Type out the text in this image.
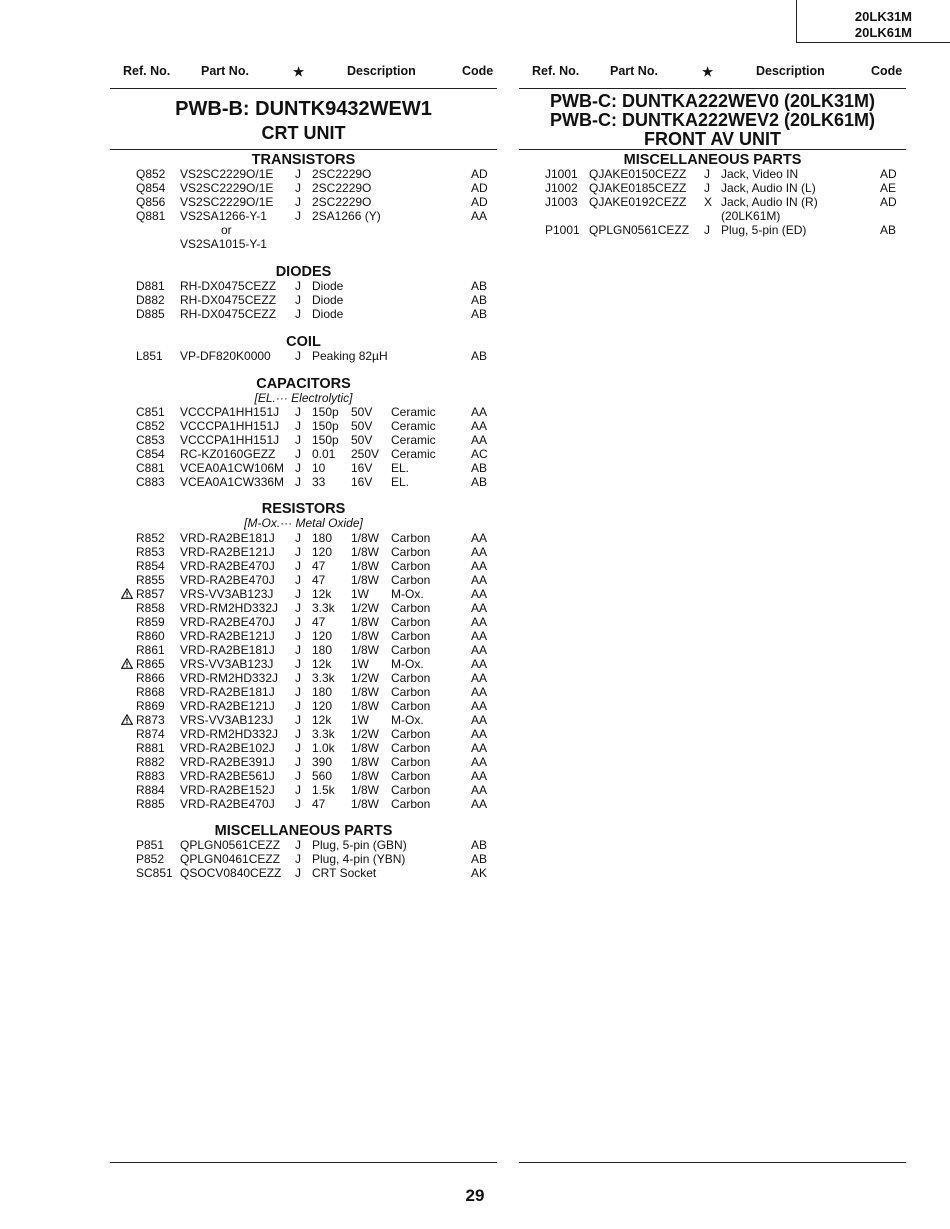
20LK31M
20LK61M
Ref. No. Part No.	★	Description	Code	Ref. No. Part No.	★	Description	Code
PWB-B: DUNTK9432WEW1
CRT UNIT
PWB-C: DUNTKA222WEV0 (20LK31M)
PWB-C: DUNTKA222WEV2 (20LK61M)
FRONT AV UNIT
TRANSISTORS
Q852 VS2SC2229O/1E J 2SC2229O	AD
Q854 VS2SC2229O/1E J 2SC2229O	AD
Q856 VS2SC2229O/1E J 2SC2229O	AD
Q881 VS2SA1266-Y-1 J 2SA1266 (Y)	AA
or
VS2SA1015-Y-1
DIODES
D881 RH-DX0475CEZZ J Diode	AB
D882 RH-DX0475CEZZ J Diode	AB
D885 RH-DX0475CEZZ J Diode	AB
COIL
L851 VP-DF820K0000 J Peaking 82µH	AB
CAPACITORS
[EL.··· Electrolytic]
C851 VCCCPA1HH151J J 150p 50V Ceramic	AA
C852 VCCCPA1HH151J J 150p 50V Ceramic	AA
C853 VCCCPA1HH151J J 150p 50V Ceramic	AA
C854 RC-KZ0160GEZZ J 0.01 250V Ceramic	AC
C881 VCEA0A1CW106M J 10 16V EL.	AB
C883 VCEA0A1CW336M J 33 16V EL.	AB
RESISTORS
[M-Ox.··· Metal Oxide]
R852 VRD-RA2BE181J J 180 1/8W Carbon	AA
R853 VRD-RA2BE121J J 120 1/8W Carbon	AA
R854 VRD-RA2BE470J J 47 1/8W Carbon	AA
R855 VRD-RA2BE470J J 47 1/8W Carbon	AA
R857 VRS-VV3AB123J J 12k 1W M-Ox.	AA
R858 VRD-RM2HD332J J 3.3k 1/2W Carbon	AA
R859 VRD-RA2BE470J J 47 1/8W Carbon	AA
R860 VRD-RA2BE121J J 120 1/8W Carbon	AA
R861 VRD-RA2BE181J J 180 1/8W Carbon	AA
R865 VRS-VV3AB123J J 12k 1W M-Ox.	AA
R866 VRD-RM2HD332J J 3.3k 1/2W Carbon	AA
R868 VRD-RA2BE181J J 180 1/8W Carbon	AA
R869 VRD-RA2BE121J J 120 1/8W Carbon	AA
R873 VRS-VV3AB123J J 12k 1W M-Ox.	AA
R874 VRD-RM2HD332J J 3.3k 1/2W Carbon	AA
R881 VRD-RA2BE102J J 1.0k 1/8W Carbon	AA
R882 VRD-RA2BE391J J 390 1/8W Carbon	AA
R883 VRD-RA2BE561J J 560 1/8W Carbon	AA
R884 VRD-RA2BE152J J 1.5k 1/8W Carbon	AA
R885 VRD-RA2BE470J J 47 1/8W Carbon	AA
MISCELLANEOUS PARTS
P851 QPLGN0561CEZZ J Plug, 5-pin (GBN)	AB
P852 QPLGN0461CEZZ J Plug, 4-pin (YBN)	AB
SC851 QSOCV0840CEZZ J CRT Socket	AK
MISCELLANEOUS PARTS
J1001 QJAKE0150CEZZ J Jack, Video IN	AD
J1002 QJAKE0185CEZZ J Jack, Audio IN (L)	AE
J1003 QJAKE0192CEZZ X Jack, Audio IN (R)	AD
(20LK61M)
P1001 QPLGN0561CEZZ J Plug, 5-pin (ED)	AB
29
